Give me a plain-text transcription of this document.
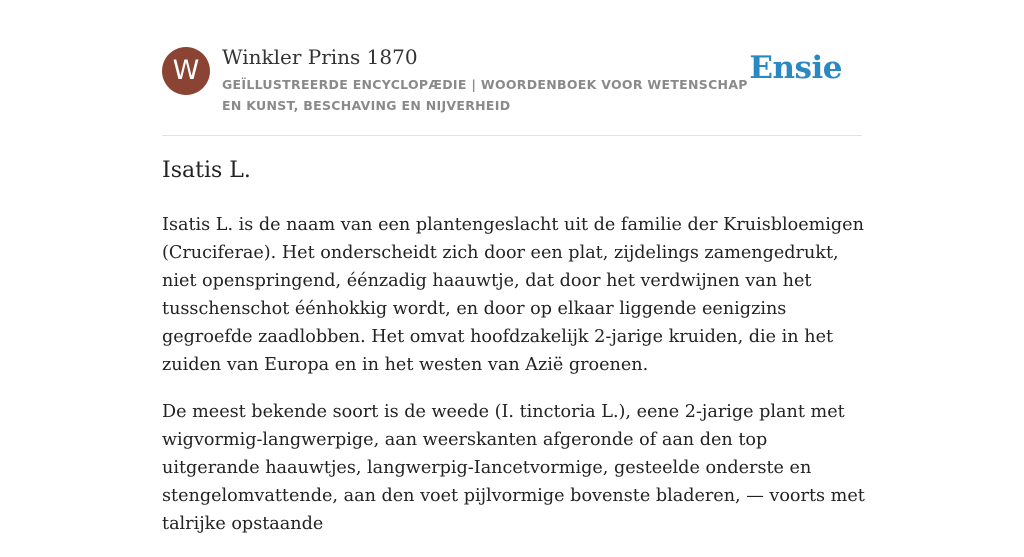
W	Winkler Prins 1870
GEÏLLUSTREERDE ENCYCLOPÆDIE | WOORDENBOEK VOOR WETENSCHAP EN KUNST, BESCHAVING EN NIJVERHEID
Ensie
Isatis L.

Isatis L. is de naam van een plantengeslacht uit de familie der Kruisbloemigen (Cruciferae). Het onderscheidt zich door een plat, zijdelings zamengedrukt, niet openspringend, éénzadig haauwtje, dat door het verdwijnen van het tusschenschot éénhokkig wordt, en door op elkaar liggende eenigzins gegroefde zaadlobben. Het omvat hoofdzakelijk 2-jarige kruiden, die in het zuiden van Europa en in het westen van Azië groenen.

De meest bekende soort is de weede (I. tinctoria L.), eene 2-jarige plant met wigvormig-langwerpige, aan weerskanten afgeronde of aan den top uitgerande haauwtjes, langwerpig-Iancetvormige, gesteelde onderste en stengelomvattende, aan den voet pijlvormige bovenste bladeren, — voorts met talrijke opstaande
